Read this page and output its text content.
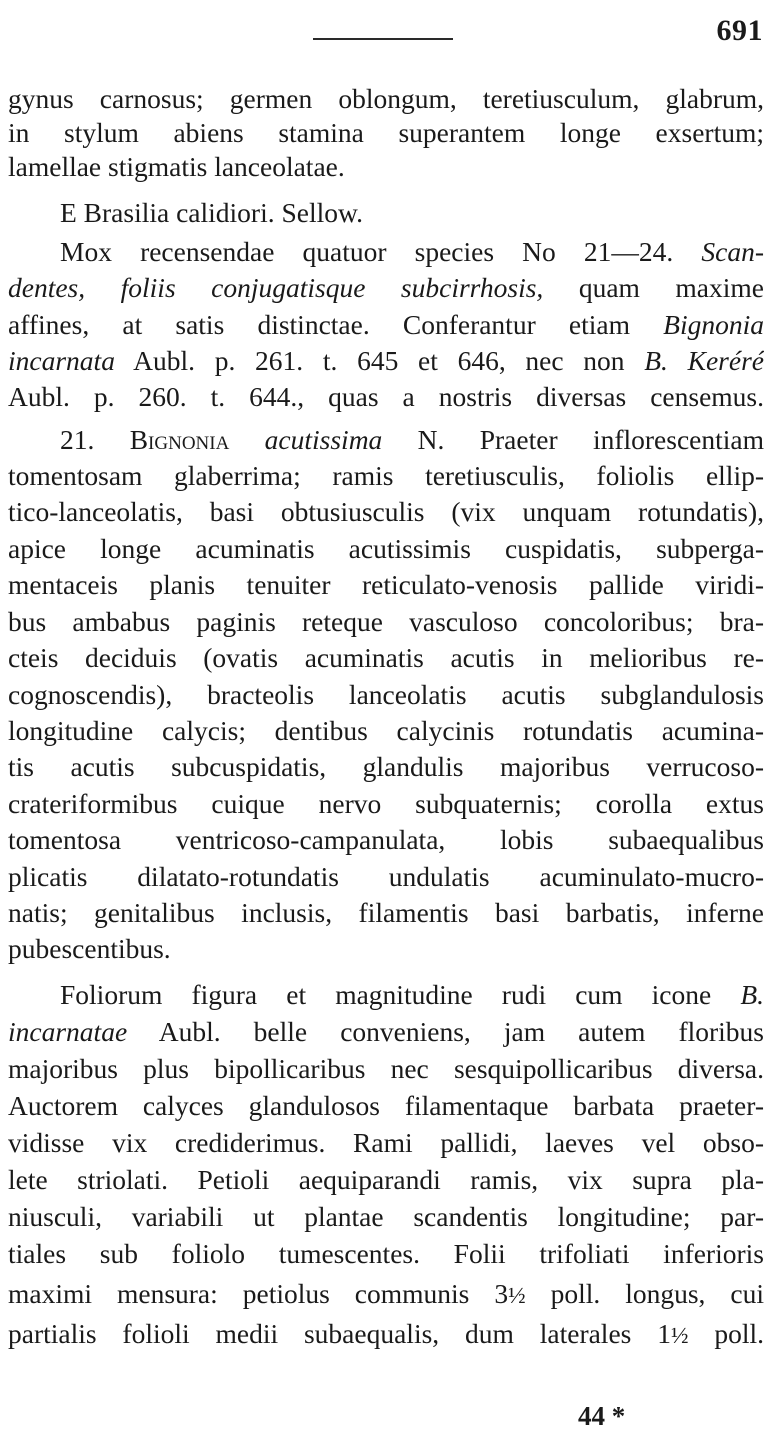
691
gynus carnosus; germen oblongum, teretiusculum, glabrum,
in stylum abiens stamina superantem longe exsertum;
lamellae stigmatis lanceolatae.
E Brasilia calidiori. Sellow.
Mox recensendae quatuor species No 21—24. Scan-
dentes, foliis conjugatisque subcirrhosis, quam maxime
affines, at satis distinctae. Conferantur etiam Bignonia
incarnata Aubl. p. 261. t. 645 et 646, nec non B. Keréré
Aubl. p. 260. t. 644., quas a nostris diversas censemus.
21. Bignonia acutissima N. Praeter inflorescentiam
tomentosam glaberrima; ramis teretiusculis, foliolis ellip-
tico-lanceolatis, basi obtusiusculis (vix unquam rotundatis),
apice longe acuminatis acutissimis cuspidatis, subperga-
mentaceis planis tenuiter reticulato-venosis pallide viridi-
bus ambabus paginis reteque vasculoso concoloribus; bra-
cteis deciduis (ovatis acuminatis acutis in melioribus re-
cognoscendis), bracteolis lanceolatis acutis subglandulosis
longitudine calycis; dentibus calycinis rotundatis acumina-
tis acutis subcuspidatis, glandulis majoribus verrucoso-
crateriformibus cuique nervo subquaternis; corolla extus
tomentosa ventricoso-campanulata, lobis subaequalibus
plicatis dilatato-rotundatis undulatis acuminulato-mucro-
natis; genitalibus inclusis, filamentis basi barbatis, inferne
pubescentibus.
Foliorum figura et magnitudine rudi cum icone B.
incarnatae Aubl. belle conveniens, jam autem floribus
majoribus plus bipollicaribus nec sesquipollicaribus diversa.
Auctorem calyces glandulosos filamentaque barbata praeter-
vidisse vix crediderimus. Rami pallidi, laeves vel obso-
lete striolati. Petioli aequiparandi ramis, vix supra pla-
niusculi, variabili ut plantae scandentis longitudine; par-
tiales sub foliolo tumescentes. Folii trifoliati inferioris
maximi mensura: petiolus communis 3½ poll. longus, cui
partialis folioli medii subaequalis, dum laterales 1½ poll.
44 *
